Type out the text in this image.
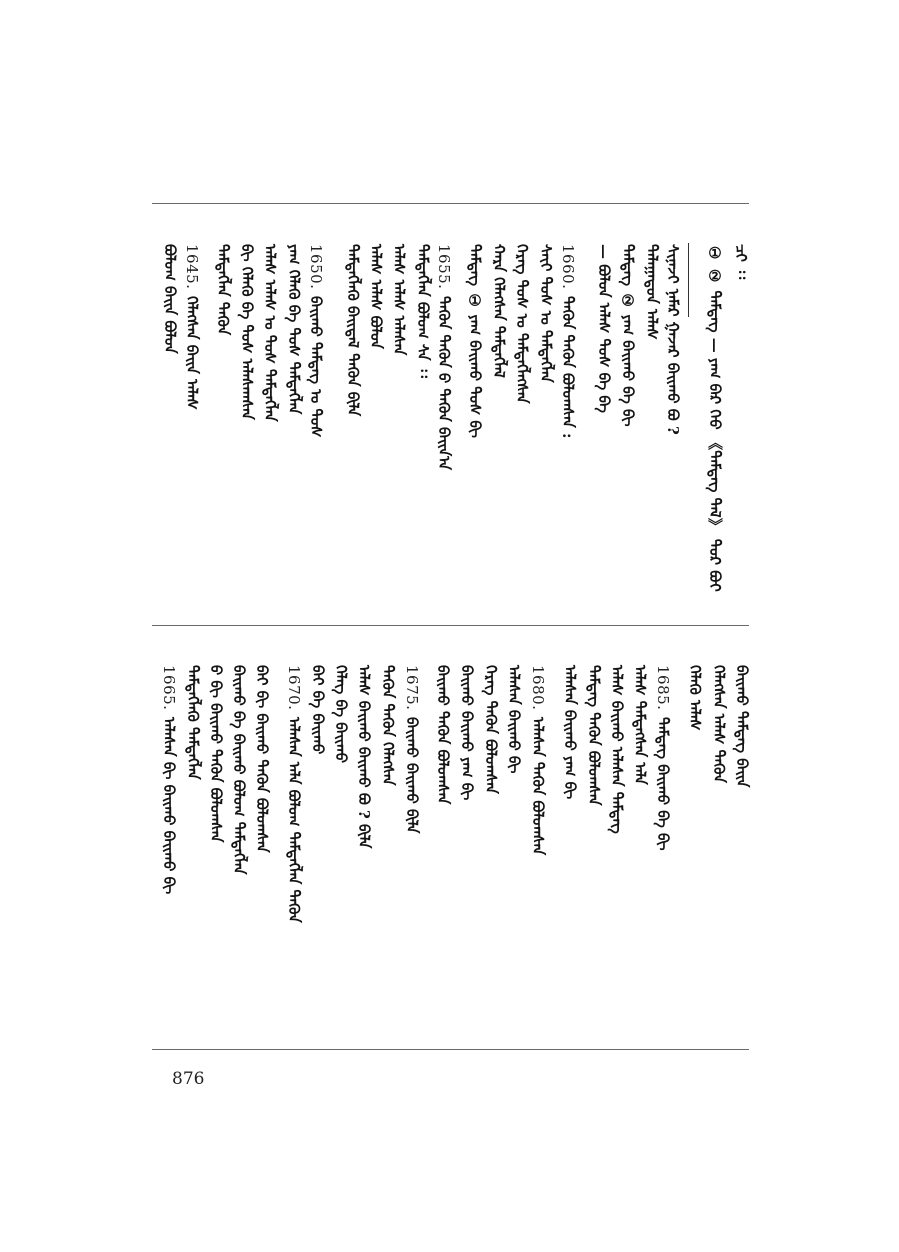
ᠴᠢ ᠄᠄
① ② ᠲᠡᠮᠳᠡᠭ — ᠶᠠᠭ ᠪᠠᠷ ᠬᠡᠦ 《ᠲᠡᠮᠳᠡᠭ ᠳᠡᠯ》 ᠳᠤᠷ ᠪᠤᠢ
ᠰᠢᠨᠡᠵᠢ ᠨᠡᠮᠡᠷ ᠭᠠᠵᠠᠷ ᠪᠠᠢᠬᠤ ᠪᠤ ?
ᠲᠠᠯᠠᠭᠠᠳᠤᠨ ᠠᠯᠠᠰ
ᠲᠡᠮᠳᠡᠭ ② ᠶᠠᠭ ᠪᠠᠢᠬᠤ ᠪᠠ ᠪᠢ
— ᠪᠣᠯᠣᠨ ᠠᠯᠠᠰ ᠲᠤᠰ ᠪᠠ ᠪᠠ
1660.
ᠲᠡᠭᠦᠨ ᠲᠡᠭᠦᠨ ᠪᠣᠯᠤᠭᠰᠠᠨ :
ᠰᠠᠶ᠋ᠢ ᠲᠤᠰ ᠤ ᠲᠡᠮᠳᠡᠭᠯᠡᠨ
ᠬᠡᠷᠡᠭ ᠲᠤᠰ ᠤ ᠲᠡᠮᠳᠡᠭᠯᠡᠭᠰᠡᠨ
ᠬᠠᠷᠠ ᠬᠡᠯᠡᠭᠰᠡᠨ ᠲᠡᠮᠳᠡᠭᠯᠡᠯ
ᠲᠡᠮᠳᠡᠭ ① ᠶᠠᠭ ᠪᠠᠢᠬᠤ ᠲᠤᠰ ᠪᠢ
1655.
ᠲᠡᠭᠦᠨ ᠲᠡᠭᠦᠨ ᠪ ᠲᠡᠭᠦᠨ ᠪᠠᠢᠨ᠎ᠠ
ᠲᠡᠮᠳᠡᠭᠯᠡᠨ ᠪᠣᠯᠤᠭ ᠰᠡ ᠄᠄
ᠠᠯᠠᠰ ᠠᠯᠠᠰ ᠠᠯᠠᠰᠠᠨ
ᠠᠯᠠᠰ ᠠᠯᠠᠰ ᠪᠣᠯᠤᠨ
ᠲᠡᠮᠳᠡᠭᠯᠡᠬᠦ ᠪᠠᠢᠳᠠᠯ ᠲᠡᠭᠦᠨ ᠪᠢᠯᠡ
1650.
ᠪᠠᠢᠬᠤ ᠲᠡᠮᠳᠡᠭ ᠤ ᠲᠤᠰ
ᠶᠠᠭ ᠬᠡᠯᠡᠬᠦ ᠪᠠ ᠲᠤᠰ ᠲᠡᠮᠳᠡᠭᠯᠡᠨ
ᠠᠯᠠᠰ ᠠᠯᠠᠰ ᠤ ᠲᠤᠰ ᠲᠡᠮᠳᠡᠭᠯᠡᠨ
ᠪᠢ ᠬᠡᠯᠡᠬᠦ ᠪᠠ ᠲᠤᠰ ᠠᠯᠠᠰᠠᠭᠰᠠᠨ
ᠲᠡᠮᠳᠡᠭᠯᠡᠨ ᠲᠡᠭᠦᠨ
1645.
ᠬᠡᠯᠡᠭᠰᠡᠨ ᠪᠠᠢᠨ ᠠᠯᠠᠰ
ᠪᠣᠯᠤᠭ ᠪᠠᠢᠨ ᠪᠣᠯᠤᠨ
ᠪᠠᠢᠬᠤ ᠲᠡᠮᠳᠡᠭ ᠪᠠᠢᠨ
ᠬᠡᠯᠡᠭᠰᠡᠨ ᠠᠯᠠᠰ ᠲᠡᠭᠦᠨ
ᠬᠡᠯᠡᠬᠦ ᠠᠯᠠᠰ
1685.
ᠲᠡᠮᠳᠡᠭ ᠪᠠᠢᠬᠤ ᠪᠠ ᠪᠢ
ᠠᠯᠠᠰ ᠲᠡᠮᠳᠡᠭᠰᠡᠨ ᠠᠯᠠ
ᠠᠯᠠᠰ ᠪᠠᠢᠬᠤ ᠠᠯᠠᠰᠠᠨ ᠲᠡᠮᠳᠡᠭ
ᠲᠡᠮᠳᠡᠭ ᠲᠡᠭᠦᠨ ᠪᠣᠯᠤᠭᠰᠠᠨ
ᠠᠯᠠᠰᠠᠨ ᠪᠠᠢᠬᠤ ᠶᠠᠭ ᠪᠢ
1680.
ᠠᠯᠠᠰᠠᠨ ᠲᠡᠭᠦᠨ ᠪᠣᠯᠤᠭᠰᠠᠨ
ᠠᠯᠠᠰᠠᠨ ᠪᠠᠢᠬᠤ ᠪᠢ
ᠬᠡᠷᠡᠭ ᠲᠡᠭᠦᠨ ᠪᠣᠯᠤᠭᠰᠠᠨ
ᠪᠠᠢᠬᠤ ᠪᠠᠢᠬᠤ ᠶᠠᠭ ᠪᠢ
ᠪᠠᠢᠬᠤ ᠲᠡᠭᠦᠨ ᠪᠣᠯᠤᠭᠰᠠᠨ
1675.
ᠪᠠᠢᠬᠤ ᠪᠠᠢᠬᠤ ᠪᠢᠯᠡ
ᠲᠡᠭᠦᠨ ᠲᠡᠭᠦᠨ ᠬᠡᠯᠡᠭᠰᠡᠨ
ᠠᠯᠠᠰ ᠪᠠᠢᠬᠤ ᠪᠠᠢᠬᠤ ᠪᠤ ? ᠪᠢᠯᠡ
ᠬᠡᠯᠡᠭ ᠪᠠ ᠪᠠᠢᠬᠤ
ᠪᠠᠢ ᠪᠠ ᠪᠠᠢᠬᠤ
1670.
ᠠᠯᠠᠰᠠᠨ ᠠᠯᠠ ᠪᠣᠯᠤᠭ ᠲᠡᠮᠳᠡᠭᠯᠡᠨ ᠲᠡᠭᠦᠨ
ᠪᠠᠢ ᠪᠢ ᠪᠠᠢᠬᠤ ᠲᠡᠭᠦᠨ ᠪᠣᠯᠤᠭᠰᠠᠨ
ᠪᠠᠢᠬᠤ ᠪᠠ ᠪᠠᠢᠬᠤ ᠪᠣᠯᠤᠭ ᠲᠡᠮᠳᠡᠭᠯᠡᠨ
ᠪ ᠪᠢ ᠪᠠᠢᠬᠤ ᠲᠡᠭᠦᠨ ᠪᠣᠯᠤᠭᠰᠠᠨ
ᠲᠡᠮᠳᠡᠭᠯᠡᠬᠦ ᠲᠡᠮᠳᠡᠭᠯᠡᠨ
1665.
ᠠᠯᠠᠰᠠᠨ ᠪᠢ ᠪᠠᠢᠬᠤ ᠪᠠᠢᠬᠤ ᠪᠢ
876
